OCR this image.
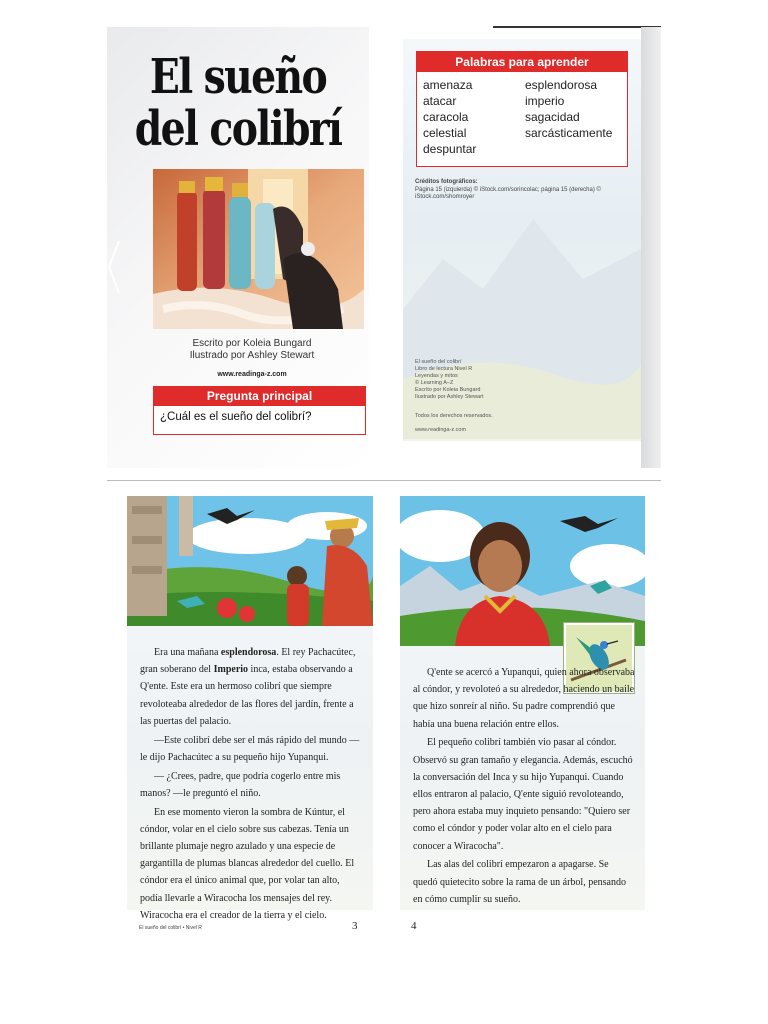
El sueño
del colibrí
Escrito por Koleia Bungard
Ilustrado por Ashley Stewart
www.readinga-z.com
Pregunta principal
¿Cuál es el sueño del colibrí?
Palabras para aprender
amenaza
atacar
caracola
celestial
despuntar
esplendorosa
imperio
sagacidad
sarcásticamente
Créditos fotográficos:
Página 15 (izquierda) © iStock.com/sorincolac; página 15 (derecha) © iStock.com/shomroyer
El sueño del colibrí
Libro de lectura Nivel R
Leyendas y mitos
© Learning A–Z
Escrito por Koleia Bungard
Ilustrado por Ashley Stewart
Todos los derechos reservados.
www.readinga-z.com

Era una mañana esplendorosa. El rey Pachacútec, gran soberano del Imperio inca, estaba observando a Q'ente. Este era un hermoso colibrí que siempre revoloteaba alrededor de las flores del jardín, frente a las puertas del palacio.

—Este colibrí debe ser el más rápido del mundo —le dijo Pachacútec a su pequeño hijo Yupanqui.

— ¿Crees, padre, que podría cogerlo entre mis manos? —le preguntó el niño.

En ese momento vieron la sombra de Kúntur, el cóndor, volar en el cielo sobre sus cabezas. Tenía un brillante plumaje negro azulado y una especie de gargantilla de plumas blancas alrededor del cuello. El cóndor era el único animal que, por volar tan alto, podía llevarle a Wiracocha los mensajes del rey. Wiracocha era el creador de la tierra y el cielo.

Q'ente se acercó a Yupanqui, quien ahora observaba al cóndor, y revoloteó a su alrededor, haciendo un baile que hizo sonreír al niño. Su padre comprendió que había una buena relación entre ellos.

El pequeño colibrí también vio pasar al cóndor. Observó su gran tamaño y elegancia. Además, escuchó la conversación del Inca y su hijo Yupanqui. Cuando ellos entraron al palacio, Q'ente siguió revoloteando, pero ahora estaba muy inquieto pensando: "Quiero ser como el cóndor y poder volar alto en el cielo para conocer a Wiracocha".

Las alas del colibrí empezaron a apagarse. Se quedó quietecito sobre la rama de un árbol, pensando en cómo cumplir su sueño.

El sueño del colibrí • Nivel R	3	4
